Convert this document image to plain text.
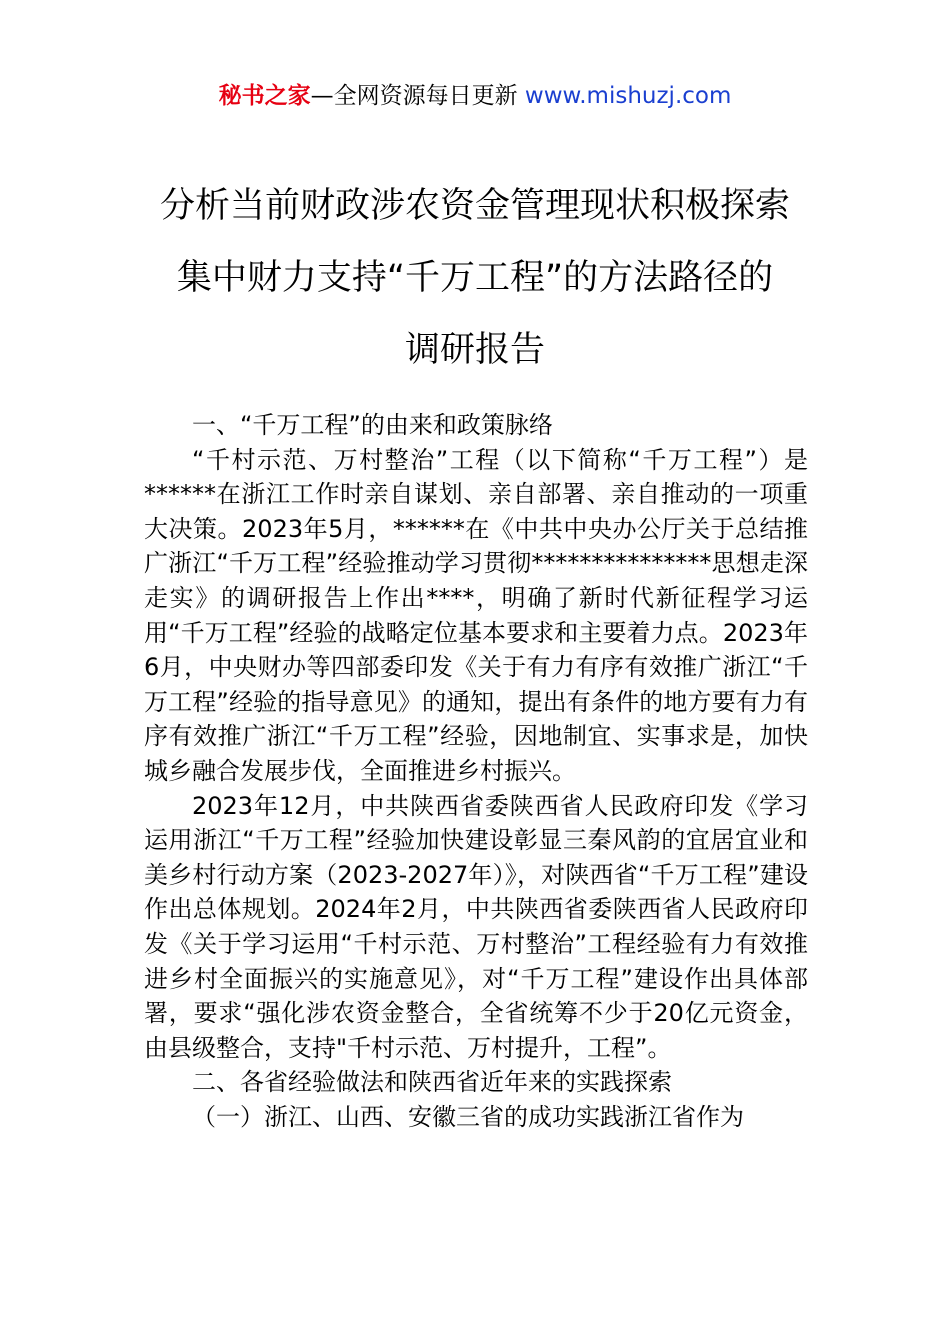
秘书之家—全网资源每日更新 www.mishuzj.com
分析当前财政涉农资金管理现状积极探索
集中财力支持“千万工程”的方法路径的
调研报告

一、“千万工程”的由来和政策脉络

“千村示范、万村整治”工程（以下简称“千万工程”）是******在浙江工作时亲自谋划、亲自部署、亲自推动的一项重大决策。2023年5月，******在《中共中央办公厅关于总结推广浙江“千万工程”经验推动学习贯彻***************思想走深走实》的调研报告上作出****，明确了新时代新征程学习运用“千万工程”经验的战略定位基本要求和主要着力点。2023年6月，中央财办等四部委印发《关于有力有序有效推广浙江“千万工程”经验的指导意见》的通知，提出有条件的地方要有力有序有效推广浙江“千万工程”经验，因地制宜、实事求是，加快城乡融合发展步伐，全面推进乡村振兴。

2023年12月，中共陕西省委陕西省人民政府印发《学习运用浙江“千万工程”经验加快建设彰显三秦风韵的宜居宜业和美乡村行动方案（2023-2027年）》，对陕西省“千万工程”建设作出总体规划。2024年2月，中共陕西省委陕西省人民政府印发《关于学习运用“千村示范、万村整治”工程经验有力有效推进乡村全面振兴的实施意见》，对“千万工程”建设作出具体部署，要求“强化涉农资金整合，全省统筹不少于20亿元资金，由县级整合，支持"千村示范、万村提升，工程”。

二、各省经验做法和陕西省近年来的实践探索

（一）浙江、山西、安徽三省的成功实践浙江省作为
